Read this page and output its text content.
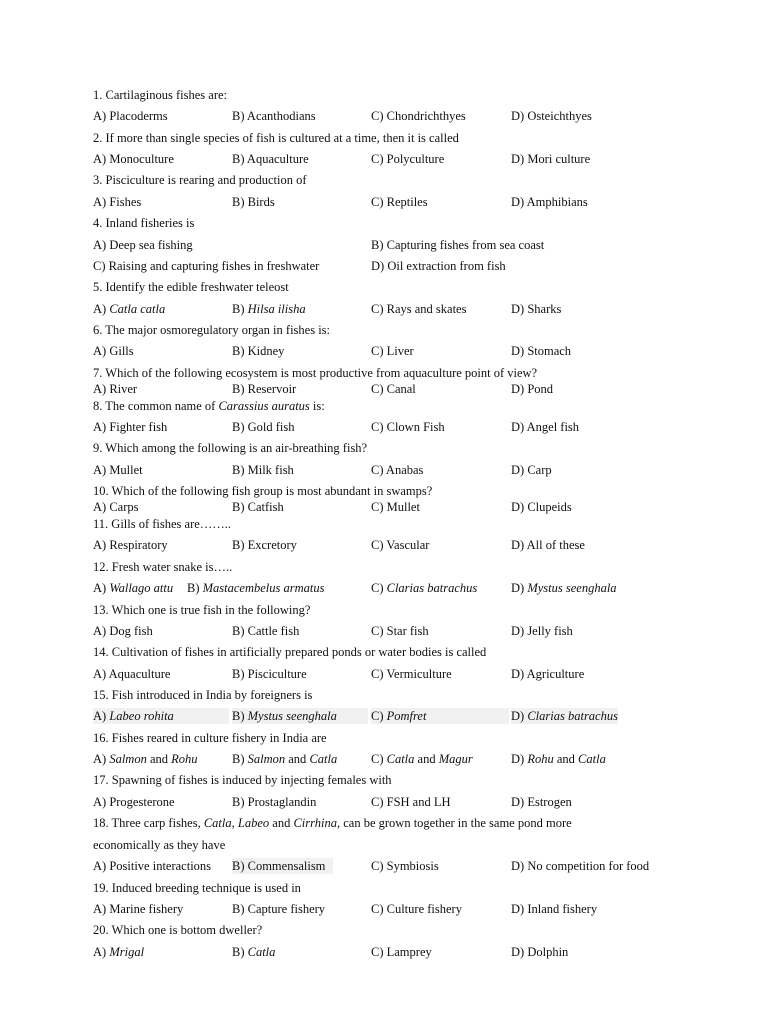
1. Cartilaginous fishes are:
A) Placoderms	B) Acanthodians	C) Chondrichthyes	D) Osteichthyes
2. If more than single species of fish is cultured at a time, then it is called
A) Monoculture	B) Aquaculture	C) Polyculture	D) Mori culture
3. Pisciculture is rearing and production of
A) Fishes	B) Birds	C) Reptiles	D) Amphibians
4. Inland fisheries is
A) Deep sea fishing	B) Capturing fishes from sea coast
C) Raising and capturing fishes in freshwater	D) Oil extraction from fish
5. Identify the edible freshwater teleost
A) Catla catla	B) Hilsa ilisha	C) Rays and skates	D) Sharks
6. The major osmoregulatory organ in fishes is:
A) Gills	B) Kidney	C) Liver	D) Stomach
7. Which of the following ecosystem is most productive from aquaculture point of view?
A) River	B) Reservoir	C) Canal	D) Pond
8. The common name of Carassius auratus is:
A) Fighter fish	B) Gold fish	C) Clown Fish	D) Angel fish
9. Which among the following is an air-breathing fish?
A) Mullet	B) Milk fish	C) Anabas	D) Carp
10. Which of the following fish group is most abundant in swamps?
A) Carps	B) Catfish	C) Mullet	D) Clupeids
11. Gills of fishes are……..
A) Respiratory	B) Excretory	C) Vascular	D) All of these
12. Fresh water snake is…..
A) Wallago attu B) Mastacembelus armatus	C) Clarias batrachus	D) Mystus seenghala
13. Which one is true fish in the following?
A) Dog fish	B) Cattle fish	C) Star fish	D) Jelly fish
14. Cultivation of fishes in artificially prepared ponds or water bodies is called
A) Aquaculture	B) Pisciculture	C) Vermiculture	D) Agriculture
15. Fish introduced in India by foreigners is
A) Labeo rohita	B) Mystus seenghala	C) Pomfret	D) Clarias batrachus
16. Fishes reared in culture fishery in India are
A) Salmon and Rohu	B) Salmon and Catla	C) Catla and Magur	D) Rohu and Catla
17. Spawning of fishes is induced by injecting females with
A) Progesterone	B) Prostaglandin	C) FSH and LH	D) Estrogen
18. Three carp fishes, Catla, Labeo and Cirrhina, can be grown together in the same pond more
economically as they have
A) Positive interactions B) Commensalism	C) Symbiosis	D) No competition for food
19. Induced breeding technique is used in
A) Marine fishery	B) Capture fishery	C) Culture fishery	D) Inland fishery
20. Which one is bottom dweller?
A) Mrigal	B) Catla	C) Lamprey	D) Dolphin
